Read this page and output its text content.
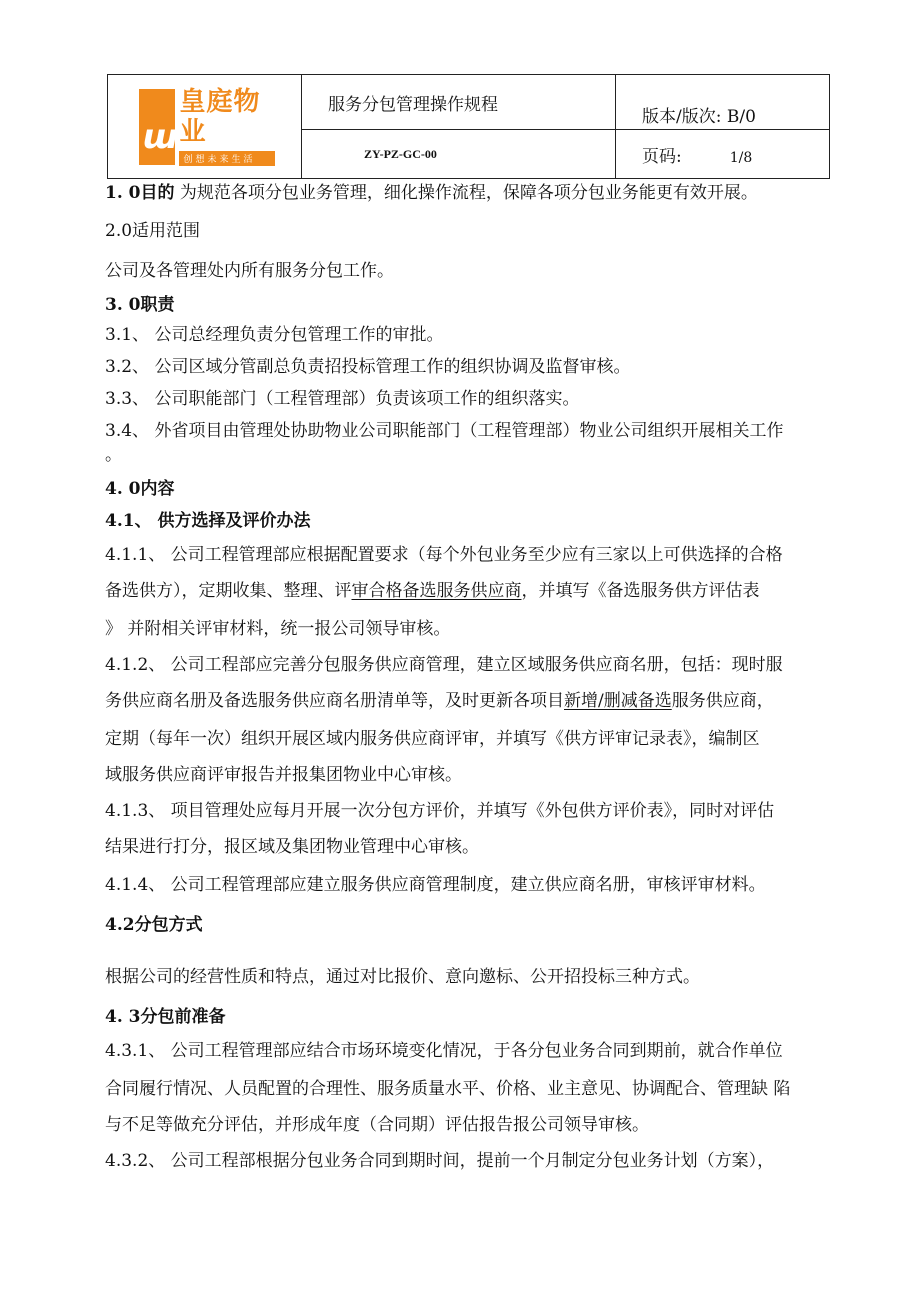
ɯ
皇庭物业
创想未来生活	服务分包管理操作规程	版本/版次: B/0
	ZY-PZ-GC-00	页码: 1/8

1. 0目的 为规范各项分包业务管理，细化操作流程，保障各项分包业务能更有效开展。

2.0适用范围

公司及各管理处内所有服务分包工作。

3. 0职责

3.1、 公司总经理负责分包管理工作的审批。

3.2、 公司区域分管副总负责招投标管理工作的组织协调及监督审核。

3.3、 公司职能部门（工程管理部）负责该项工作的组织落实。

3.4、 外省项目由管理处协助物业公司职能部门（工程管理部）物业公司组织开展相关工作

。

4. 0内容

4.1、 供方选择及评价办法

4.1.1、 公司工程管理部应根据配置要求（每个外包业务至少应有三家以上可供选择的合格

备选供方），定期收集、整理、评审合格备选服务供应商，并填写《备选服务供方评估表

》 并附相关评审材料，统一报公司领导审核。

4.1.2、 公司工程部应完善分包服务供应商管理，建立区域服务供应商名册，包括：现时服

务供应商名册及备选服务供应商名册清单等，及时更新各项目新增/删减备选服务供应商，

定期（每年一次）组织开展区域内服务供应商评审，并填写《供方评审记录表》，编制区

域服务供应商评审报告并报集团物业中心审核。

4.1.3、 项目管理处应每月开展一次分包方评价，并填写《外包供方评价表》，同时对评估

结果进行打分，报区域及集团物业管理中心审核。

4.1.4、 公司工程管理部应建立服务供应商管理制度，建立供应商名册，审核评审材料。

4.2分包方式

根据公司的经营性质和特点，通过对比报价、意向邀标、公开招投标三种方式。

4. 3分包前准备

4.3.1、 公司工程管理部应结合市场环境变化情况，于各分包业务合同到期前，就合作单位

合同履行情况、人员配置的合理性、服务质量水平、价格、业主意见、协调配合、管理缺 陷

与不足等做充分评估，并形成年度（合同期）评估报告报公司领导审核。

4.3.2、 公司工程部根据分包业务合同到期时间，提前一个月制定分包业务计划（方案），
